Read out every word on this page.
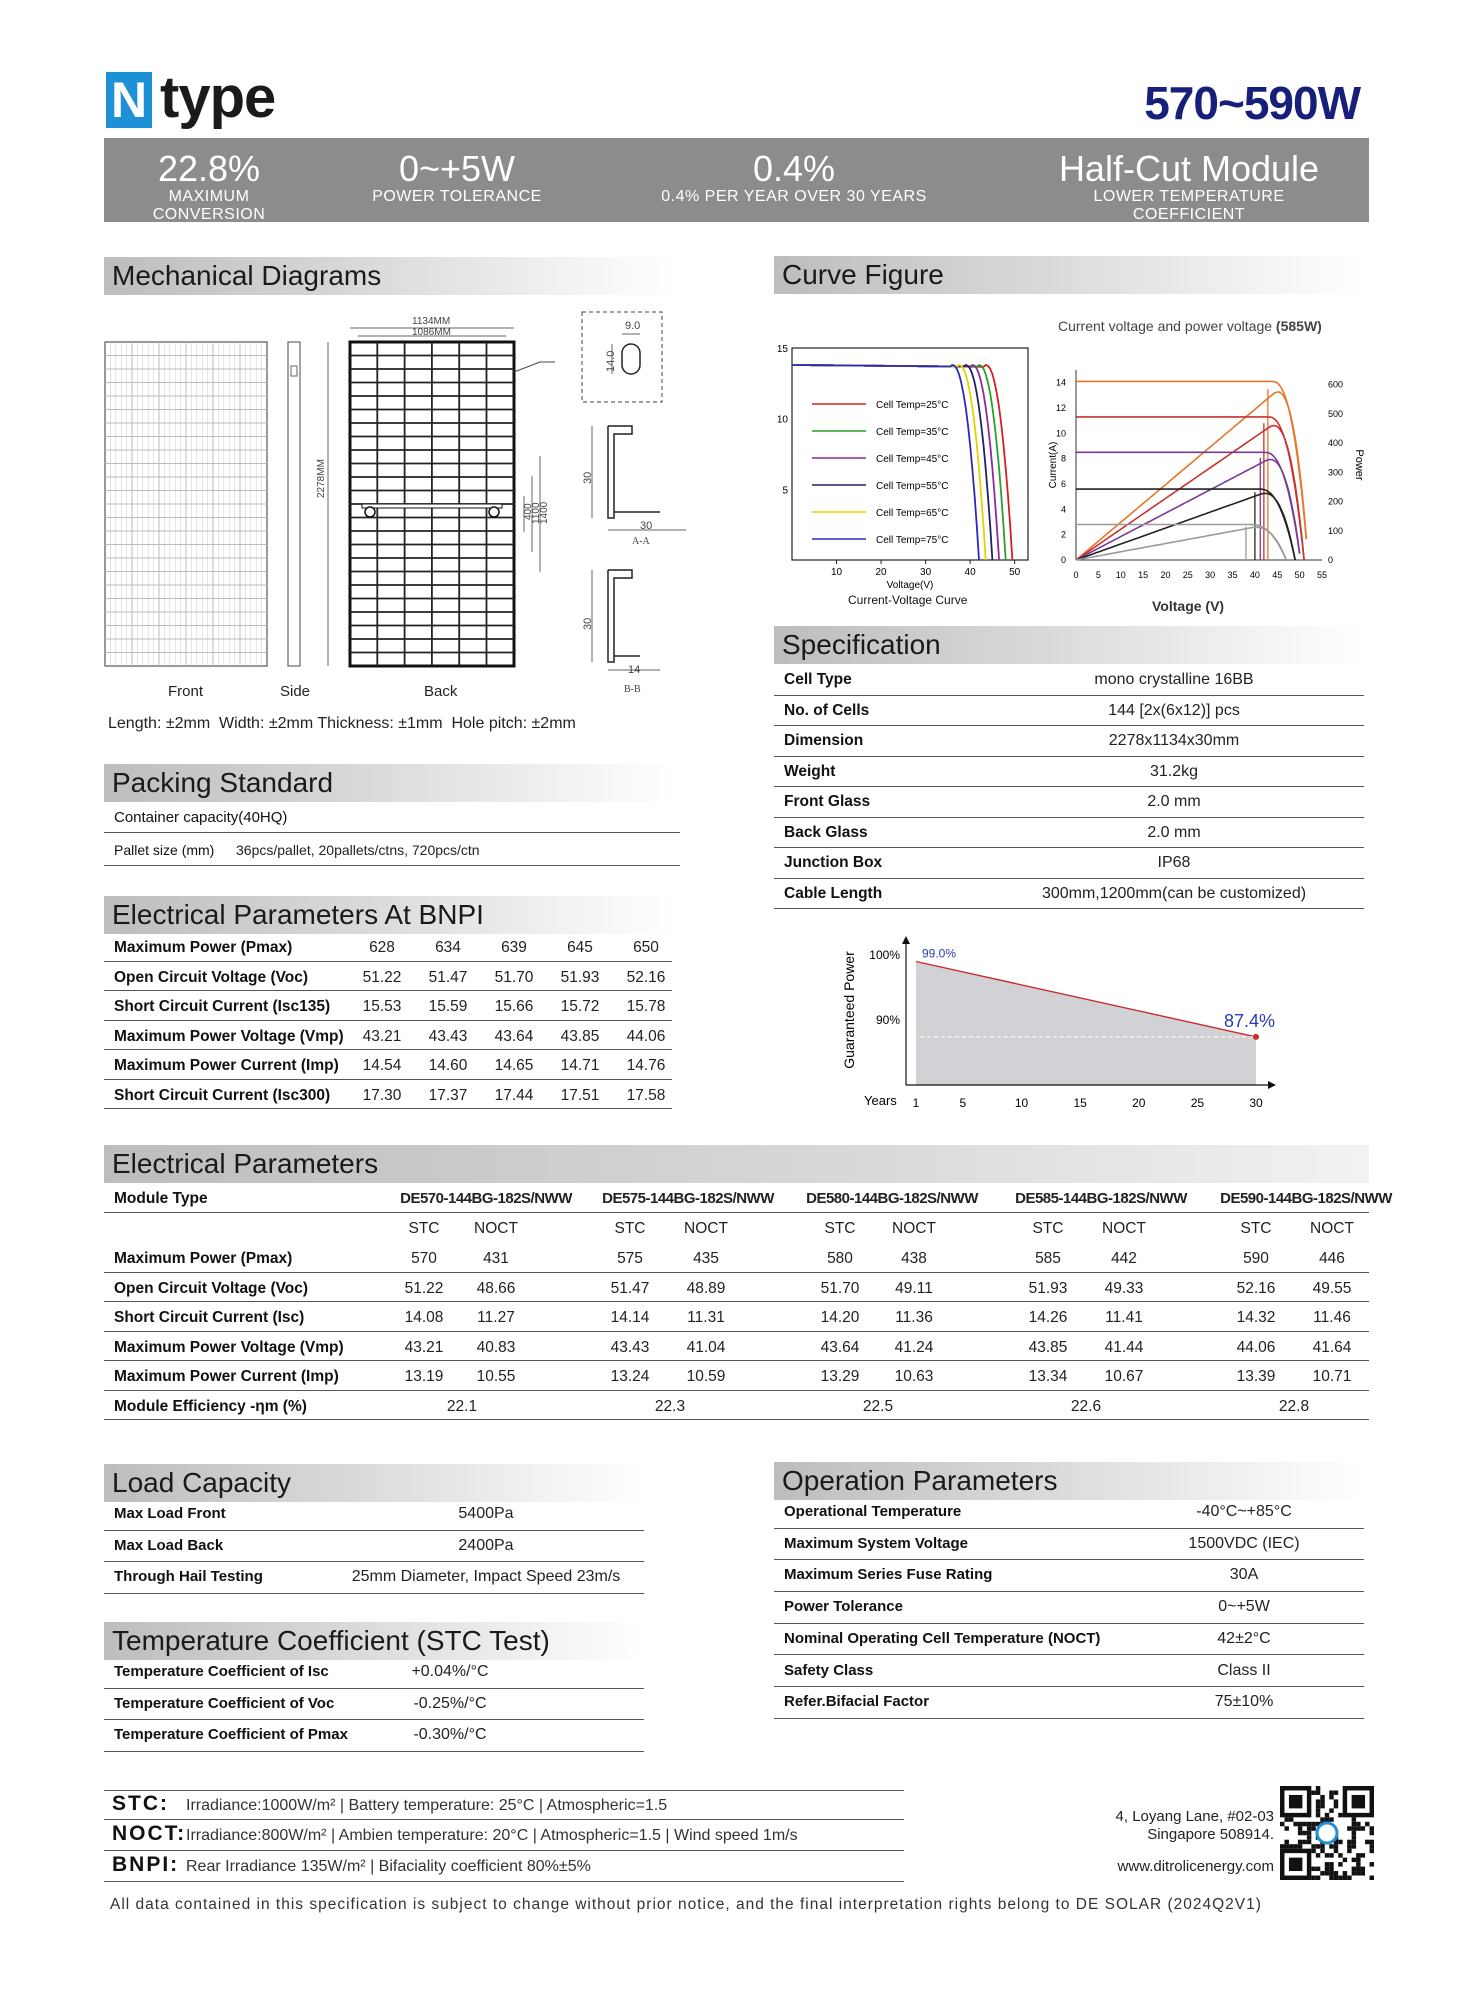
N type	570~590W
22.8%
MAXIMUM CONVERSION
0~+5W
POWER TOLERANCE
0.4%
0.4% PER YEAR OVER 30 YEARS
Half-Cut Module
LOWER TEMPERATURE COEFFICIENT
Mechanical Diagrams
1134MM
1086MM
2278MM
400
1100
1400
9.0
14.0
30
30
A-A
30
14
B-B
Front	Side	Back
Length: ±2mm  Width: ±2mm Thickness: ±1mm  Hole pitch: ±2mm
Packing Standard
Container capacity(40HQ)
Pallet size (mm) 36pcs/pallet, 20pallets/ctns, 720pcs/ctn
Electrical Parameters At BNPI
Maximum Power (Pmax)	628	634	639	645	650
Open Circuit Voltage (Voc)	51.22	51.47	51.70	51.93	52.16
Short Circuit Current (Isc135)	15.53	15.59	15.66	15.72	15.78
Maximum Power Voltage (Vmp)	43.21	43.43	43.64	43.85	44.06
Maximum Power Current (Imp)	14.54	14.60	14.65	14.71	14.76
Short Circuit Current (Isc300)	17.30	17.37	17.44	17.51	17.58
Curve Figure
10	20	30	40	50
5
10
15
Voltage(V)
Cell Temp=25°C
Cell Temp=35°C
Cell Temp=45°C
Cell Temp=55°C
Cell Temp=65°C
Cell Temp=75°C
Current-Voltage Curve
Current voltage and power voltage (585W)
0 5 10 15 20 25 30 35 40 45 50 55
0
2
4
6
8
10
12
14
0
100
200
300
400
500
600
Current(A)	Power
Voltage (V)
Specification
Cell Type	mono crystalline 16BB
No. of Cells	144 [2x(6x12)] pcs
Dimension	2278x1134x30mm
Weight	31.2kg
Front Glass	2.0 mm
Back Glass	2.0 mm
Junction Box	IP68
Cable Length	300mm,1200mm(can be customized)
100%
90%
99.0%
87.4%
Guaranteed Power
Years 1	5	10	15	20	25	30
Electrical Parameters
Module Type	DE570-144BG-182S/NWW	DE575-144BG-182S/NWW	DE580-144BG-182S/NWW	DE585-144BG-182S/NWW	DE590-144BG-182S/NWW
STC	NOCT	STC	NOCT	STC	NOCT	STC	NOCT	STC	NOCT
Maximum Power (Pmax)	570	431	575	435	580	438	585	442	590	446
Open Circuit Voltage (Voc)	51.22	48.66	51.47	48.89	51.70	49.11	51.93	49.33	52.16	49.55
Short Circuit Current (Isc)	14.08	11.27	14.14	11.31	14.20	11.36	14.26	11.41	14.32	11.46
Maximum Power Voltage (Vmp)	43.21	40.83	43.43	41.04	43.64	41.24	43.85	41.44	44.06	41.64
Maximum Power Current (Imp)	13.19	10.55	13.24	10.59	13.29	10.63	13.34	10.67	13.39	10.71
Module Efficiency -ηm (%)	22.1	22.3	22.5	22.6	22.8
Load Capacity
Max Load Front	5400Pa
Max Load Back	2400Pa
Through Hail Testing	25mm Diameter, Impact Speed 23m/s
Temperature Coefficient (STC Test)
Temperature Coefficient of Isc	+0.04%/°C
Temperature Coefficient of Voc	-0.25%/°C
Temperature Coefficient of Pmax	-0.30%/°C
Operation Parameters
Operational Temperature	-40°C~+85°C
Maximum System Voltage	1500VDC (IEC)
Maximum Series Fuse Rating	30A
Power Tolerance	0~+5W
Nominal Operating Cell Temperature (NOCT)	42±2°C
Safety Class	Class II
Refer.Bifacial Factor	75±10%
STC: Irradiance:1000W/m² | Battery temperature: 25°C | Atmospheric=1.5
NOCT: Irradiance:800W/m² | Ambien temperature: 20°C | Atmospheric=1.5 | Wind speed 1m/s
BNPI: Rear Irradiance 135W/m² | Bifaciality coefficient 80%±5%
4, Loyang Lane, #02-03
Singapore 508914.
www.ditrolicenergy.com
All data contained in this specification is subject to change without prior notice, and the final interpretation rights belong to DE SOLAR (2024Q2V1)
